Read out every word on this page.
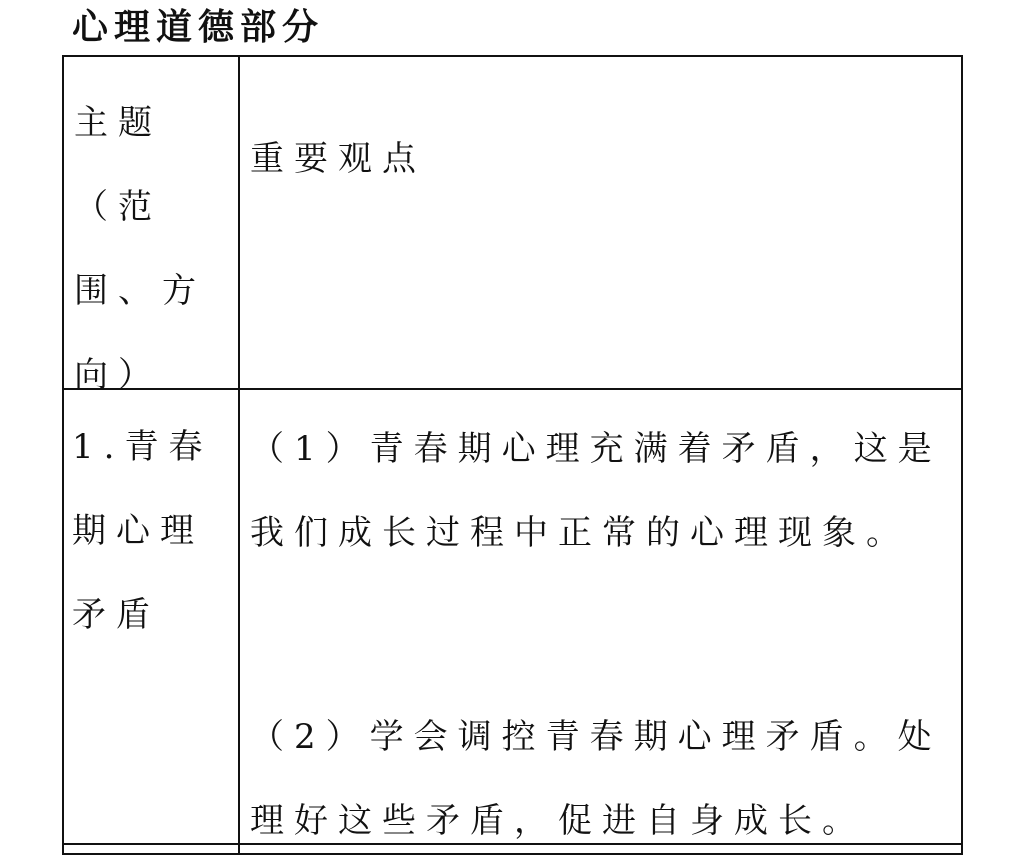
心理道德部分
主题（范围、方向）
重要观点
1.青春期心理矛盾
（1）青春期心理充满着矛盾，这是我们成长过程中正常的心理现象。
（2）学会调控青春期心理矛盾。处理好这些矛盾，促进自身成长。
